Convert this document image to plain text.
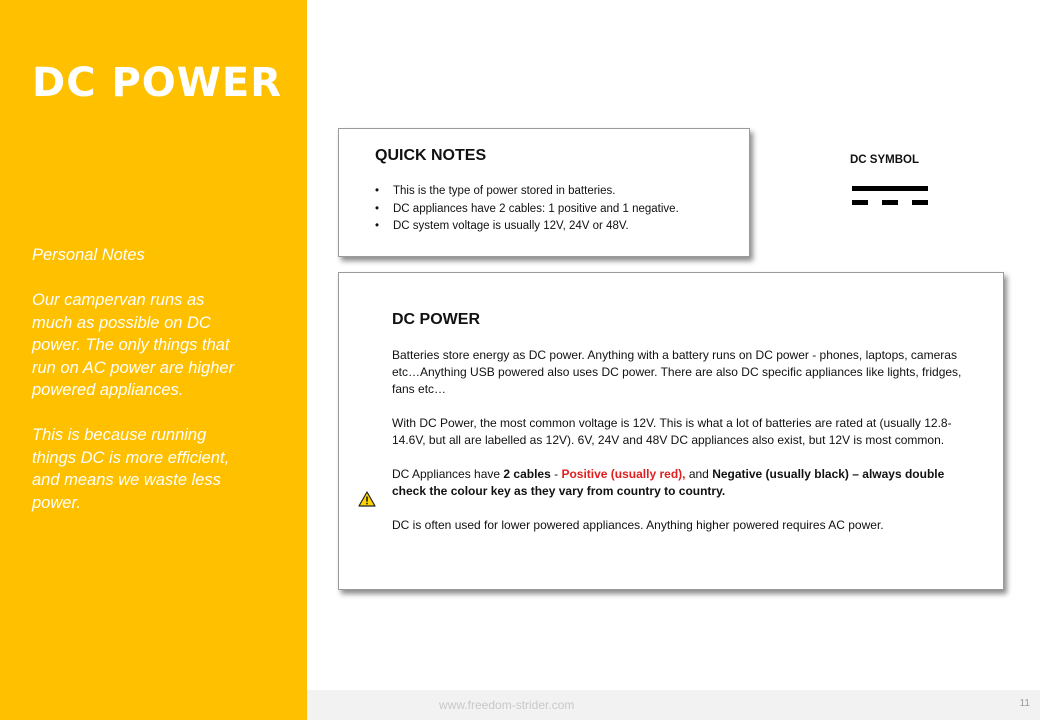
DC POWER

Personal Notes

Our campervan runs as much as possible on DC power. The only things that run on AC power are higher powered appliances.

This is because running things DC is more efficient, and means we waste less power.

QUICK NOTES
• This is the type of power stored in batteries.
• DC appliances have 2 cables: 1 positive and 1 negative.
• DC system voltage is usually 12V, 24V or 48V.
DC SYMBOL
DC POWER

Batteries store energy as DC power. Anything with a battery runs on DC power - phones, laptops, cameras etc…Anything USB powered also uses DC power. There are also DC specific appliances like lights, fridges, fans etc…

With DC Power, the most common voltage is 12V. This is what a lot of batteries are rated at (usually 12.8-14.6V, but all are labelled as 12V). 6V, 24V and 48V DC appliances also exist, but 12V is most common.

DC Appliances have 2 cables - Positive (usually red), and Negative (usually black) – always double check the colour key as they vary from country to country.

DC is often used for lower powered appliances. Anything higher powered requires AC power.

www.freedom-strider.com	11
